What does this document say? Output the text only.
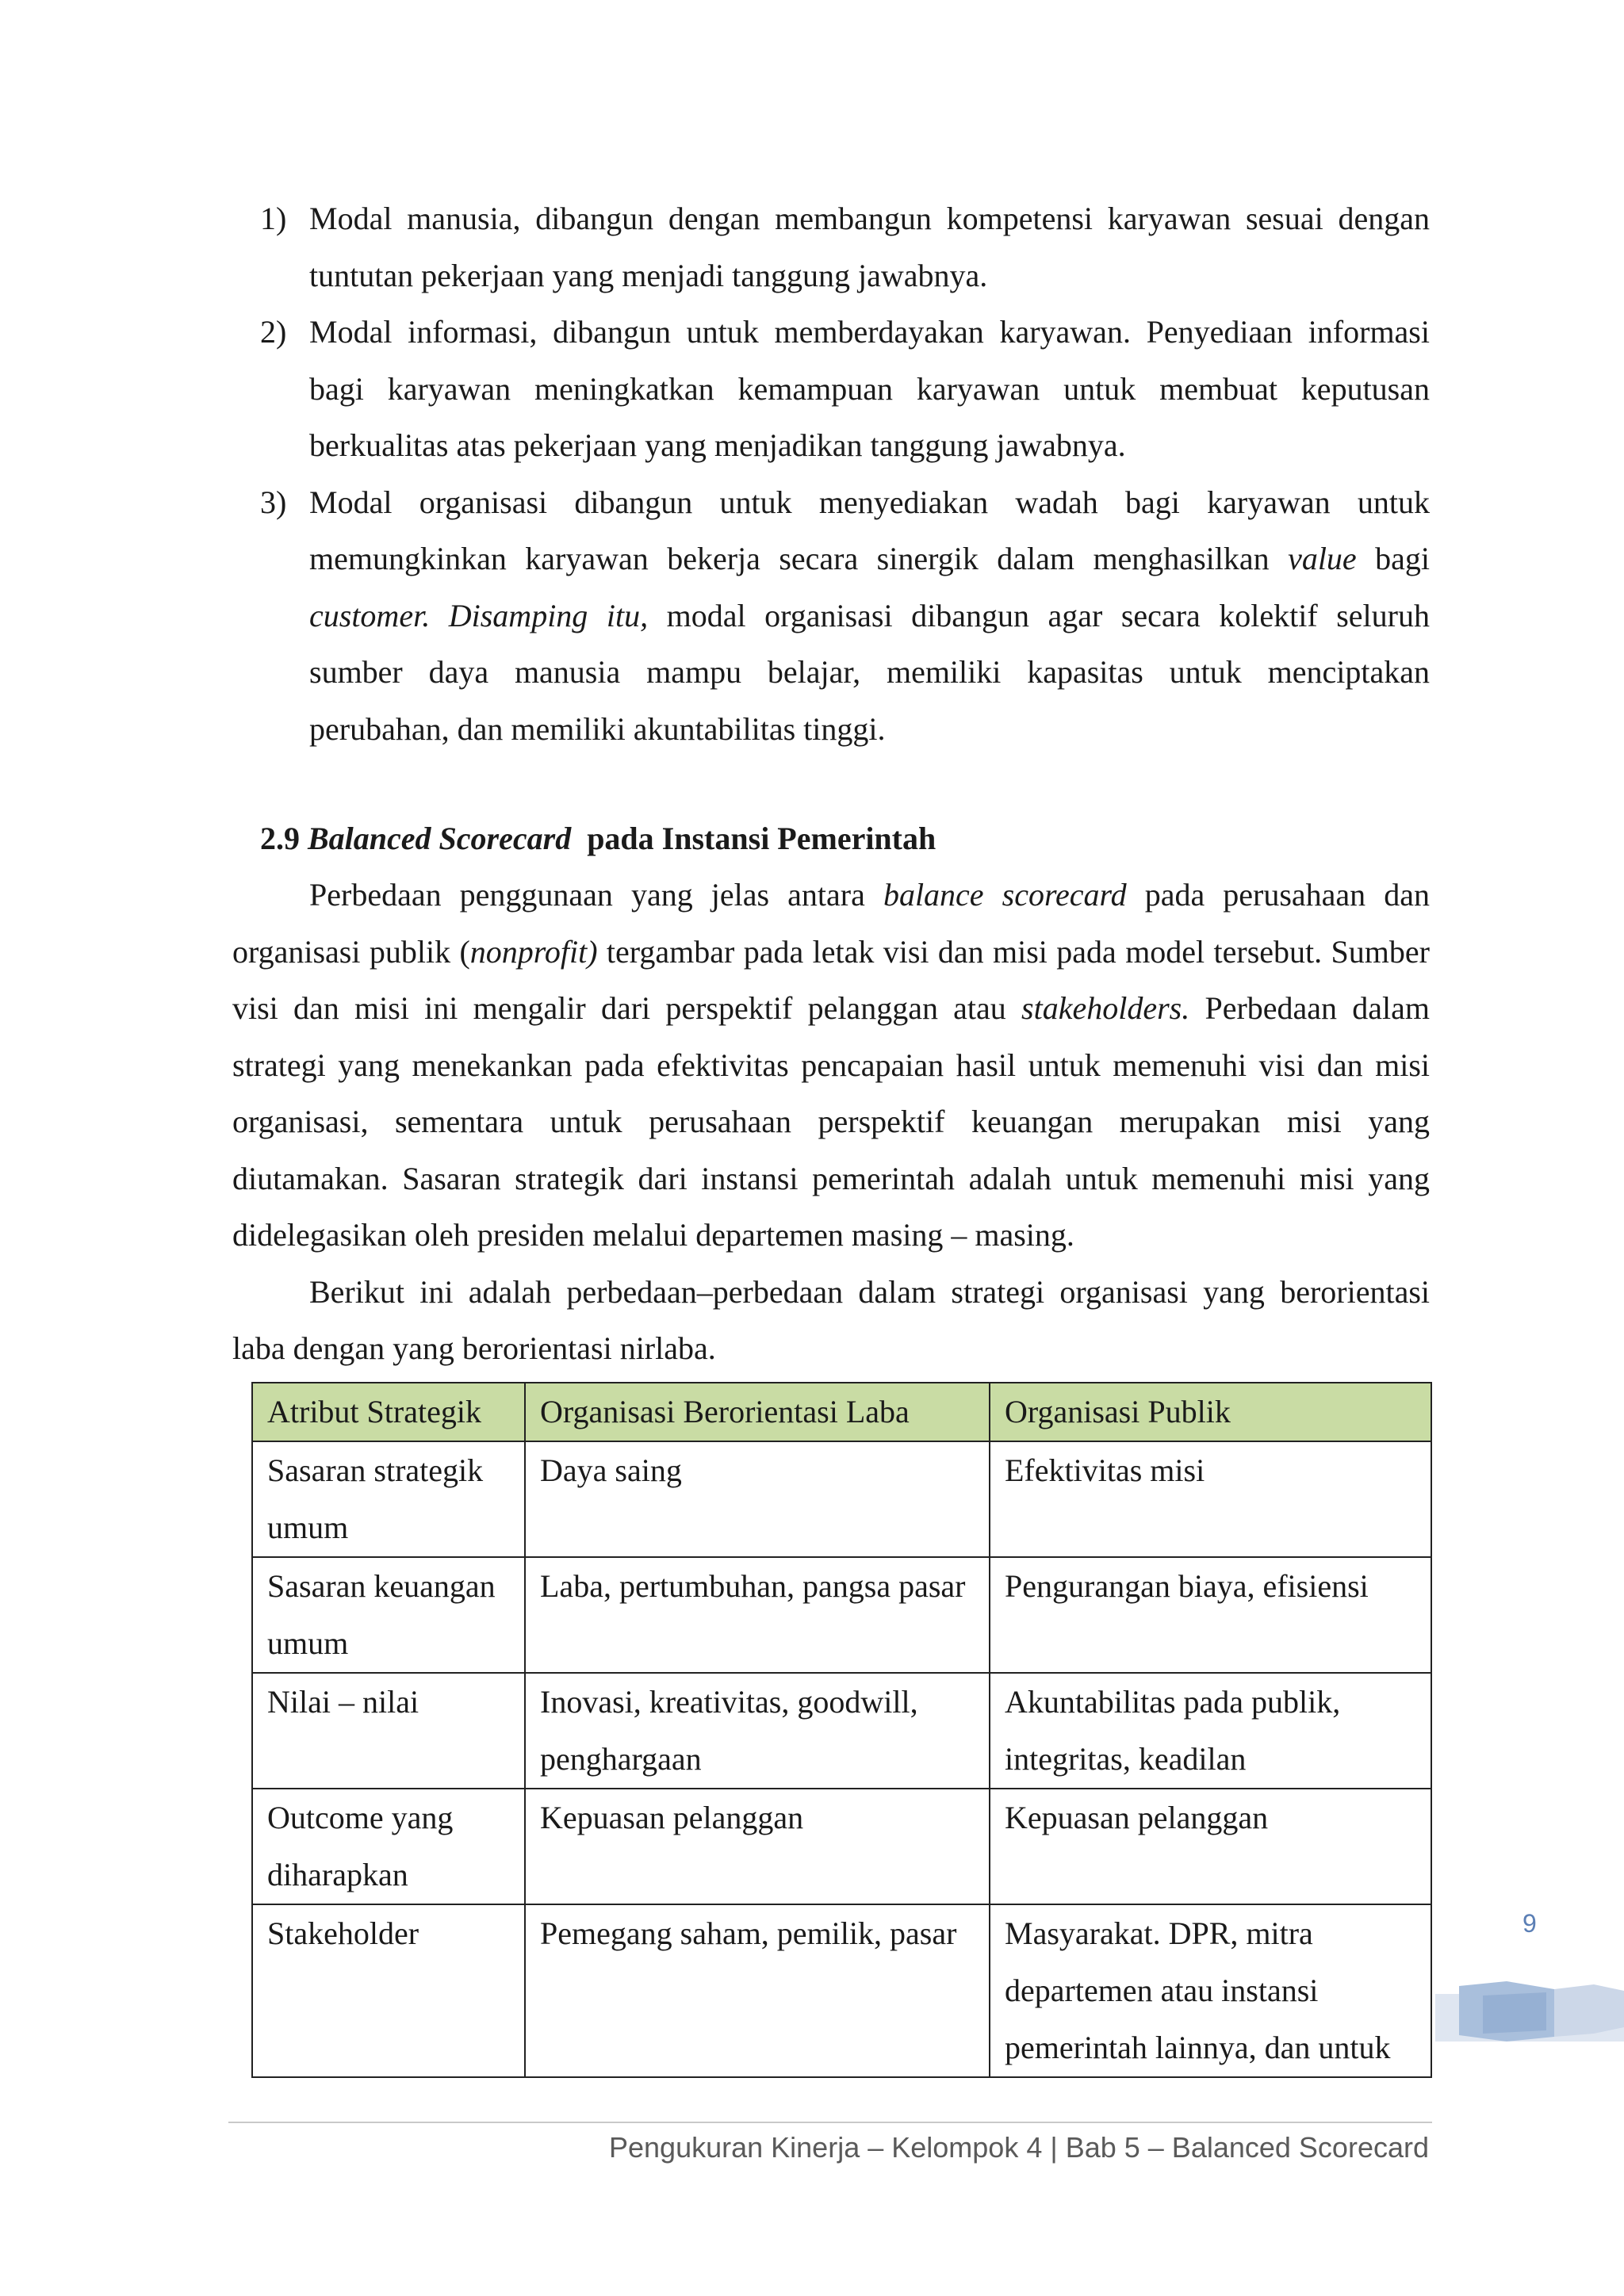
1) Modal manusia, dibangun dengan membangun kompetensi karyawan sesuai dengan tuntutan pekerjaan yang menjadi tanggung jawabnya.
2) Modal informasi, dibangun untuk memberdayakan karyawan. Penyediaan informasi bagi karyawan meningkatkan kemampuan karyawan untuk membuat keputusan berkualitas atas pekerjaan yang menjadikan tanggung jawabnya.
3) Modal organisasi dibangun untuk menyediakan wadah bagi karyawan untuk memungkinkan karyawan bekerja secara sinergik dalam menghasilkan value bagi customer. Disamping itu, modal organisasi dibangun agar secara kolektif seluruh sumber daya manusia mampu belajar, memiliki kapasitas untuk menciptakan perubahan, dan memiliki akuntabilitas tinggi.
2.9 Balanced Scorecard pada Instansi Pemerintah

Perbedaan penggunaan yang jelas antara balance scorecard pada perusahaan dan organisasi publik (nonprofit) tergambar pada letak visi dan misi pada model tersebut. Sumber visi dan misi ini mengalir dari perspektif pelanggan atau stakeholders. Perbedaan dalam strategi yang menekankan pada efektivitas pencapaian hasil untuk memenuhi visi dan misi organisasi, sementara untuk perusahaan perspektif keuangan merupakan misi yang diutamakan. Sasaran strategik dari instansi pemerintah adalah untuk memenuhi misi yang didelegasikan oleh presiden melalui departemen masing – masing.

Berikut ini adalah perbedaan–perbedaan dalam strategi organisasi yang berorientasi laba dengan yang berorientasi nirlaba.

Atribut Strategik	Organisasi Berorientasi Laba	Organisasi Publik
Sasaran strategik umum	Daya saing	Efektivitas misi
Sasaran keuangan umum	Laba, pertumbuhan, pangsa pasar	Pengurangan biaya, efisiensi
Nilai – nilai	Inovasi, kreativitas, goodwill, penghargaan	Akuntabilitas pada publik, integritas, keadilan
Outcome yang diharapkan	Kepuasan pelanggan	Kepuasan pelanggan
Stakeholder	Pemegang saham, pemilik, pasar	Masyarakat. DPR, mitra departemen atau instansi pemerintah lainnya, dan untuk
9
Pengukuran Kinerja – Kelompok 4 | Bab 5 – Balanced Scorecard
